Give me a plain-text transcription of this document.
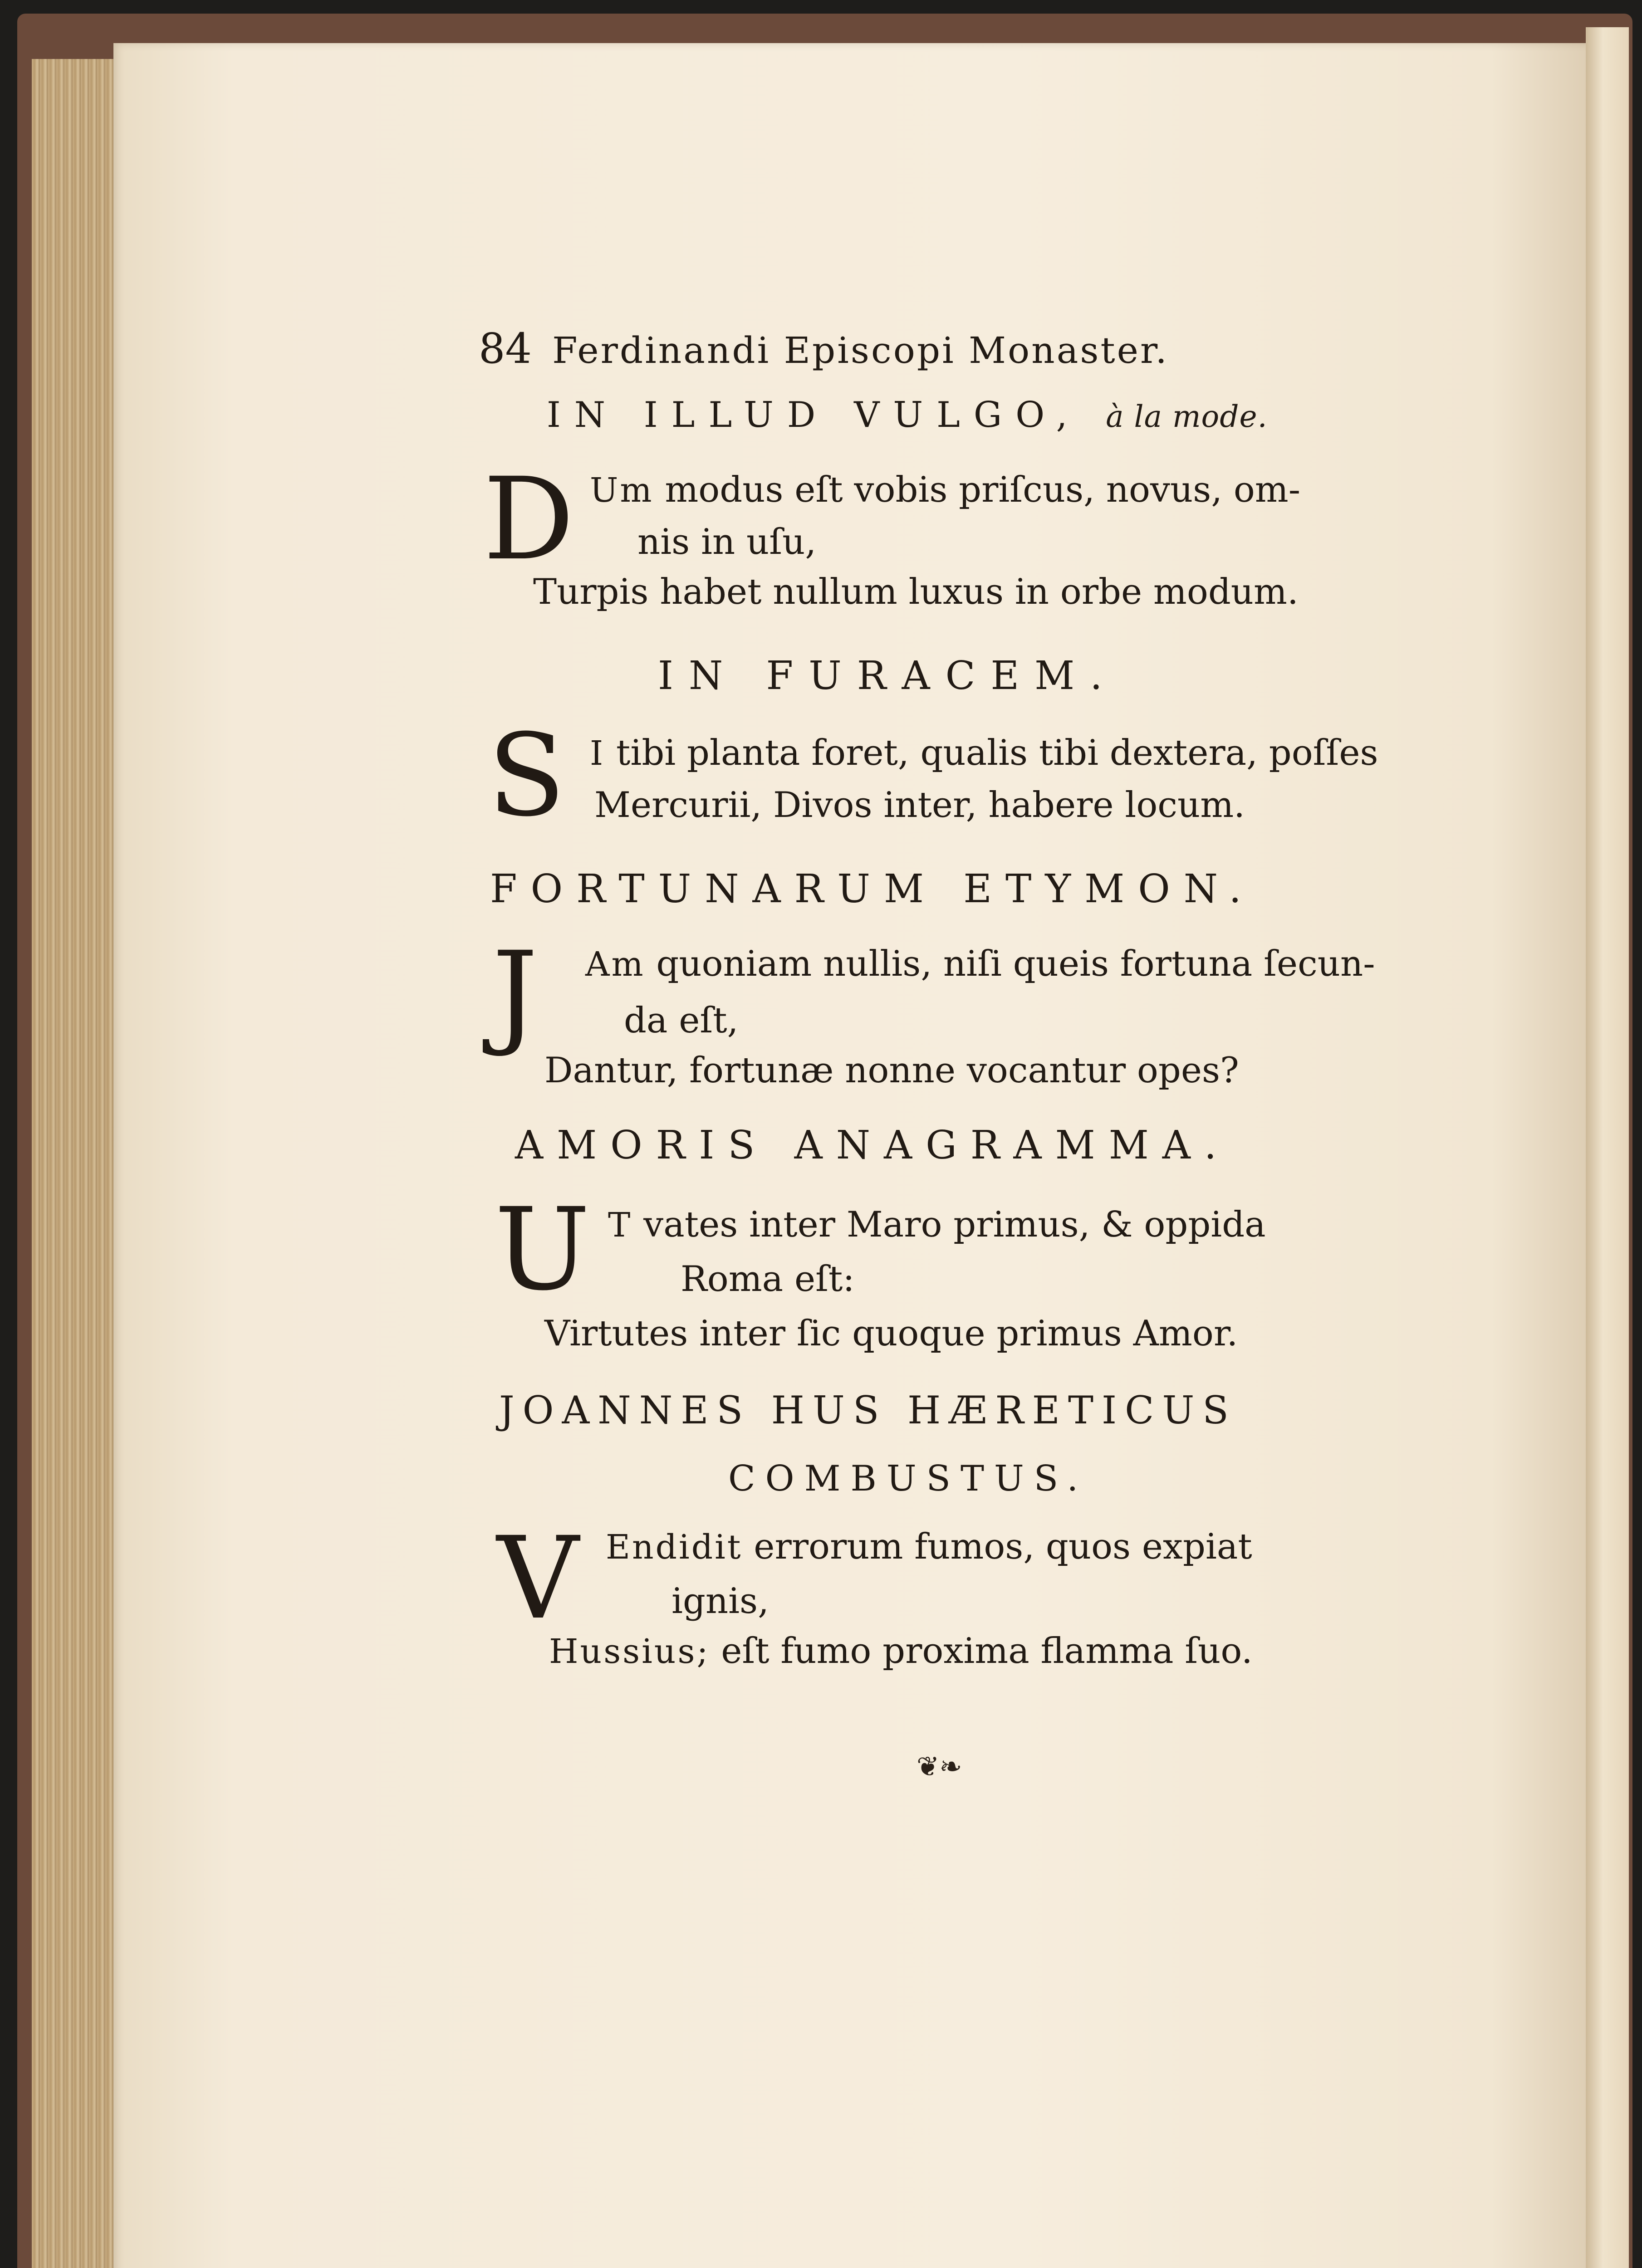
84 Ferdinandi Episcopi Monaster.
IN ILLUD VULGO, à la mode.
D Um modus eſt vobis priſcus, novus, om-
nis in uſu,
Turpis habet nullum luxus in orbe modum.
IN FURACEM.
S I tibi planta foret, qualis tibi dextera, poſſes
Mercurii, Divos inter, habere locum.
FORTUNARUM ETYMON.
J Am quoniam nullis, niſi queis fortuna ſecun-
da eſt,
Dantur, fortunæ nonne vocantur opes?
AMORIS ANAGRAMMA.
U T vates inter Maro primus, & oppida
Roma eſt:
Virtutes inter ſic quoque primus Amor.
JOANNES HUS HÆRETICUS
COMBUSTUS.
V Endidit errorum fumos, quos expiat
ignis,
Hussius; eſt fumo proxima flamma ſuo.
❦❧
